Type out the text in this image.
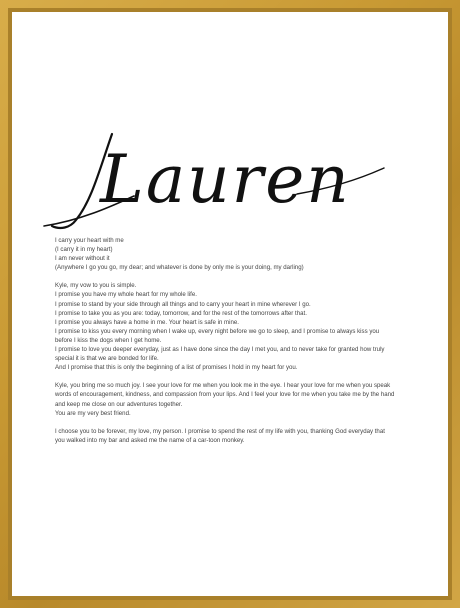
Lauren
I carry your heart with me
(I carry it in my heart)
I am never without it
(Anywhere I go you go, my dear; and whatever is done by only me is your doing, my darling)
Kyle, my vow to you is simple.
I promise you have my whole heart for my whole life.
I promise to stand by your side through all things and to carry your heart in mine wherever I go.
I promise to take you as you are: today, tomorrow, and for the rest of the tomorrows after that.
I promise you always have a home in me. Your heart is safe in mine.
I promise to kiss you every morning when I wake up, every night before we go to sleep, and I promise to always kiss you before I kiss the dogs when I get home.
I promise to love you deeper everyday, just as I have done since the day I met you, and to never take for granted how truly special it is that we are bonded for life.
And I promise that this is only the beginning of a list of promises I hold in my heart for you.
Kyle, you bring me so much joy. I see your love for me when you look me in the eye. I hear your love for me when you speak words of encouragement, kindness, and compassion from your lips. And I feel your love for me when you take me by the hand and keep me close on our adventures together.
You are my very best friend.
I choose you to be forever, my love, my person. I promise to spend the rest of my life with you, thanking God everyday that you walked into my bar and asked me the name of a car-toon monkey.
